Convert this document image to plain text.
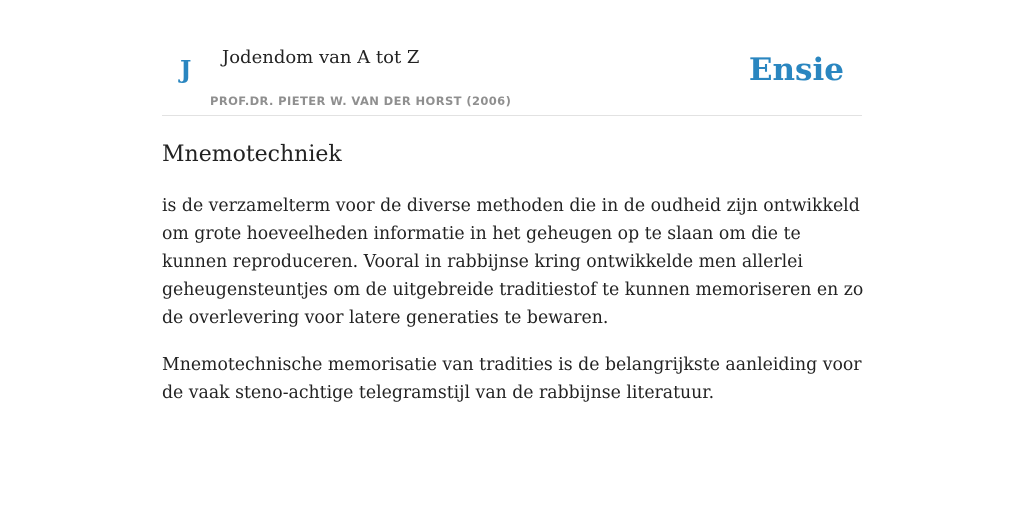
J Jodendom van A tot Z
PROF.DR. PIETER W. VAN DER HORST (2006)
Ensie
Mnemotechniek

is de verzamelterm voor de diverse methoden die in de oudheid zijn ontwikkeld om grote hoeveelheden informatie in het geheugen op te slaan om die te kunnen reproduceren. Vooral in rabbijnse kring ontwikkelde men allerlei geheugensteuntjes om de uitgebreide traditiestof te kunnen memoriseren en zo de overlevering voor latere generaties te bewaren.

Mnemotechnische memorisatie van tradities is de belangrijkste aanleiding voor de vaak steno-achtige telegramstijl van de rabbijnse literatuur.
